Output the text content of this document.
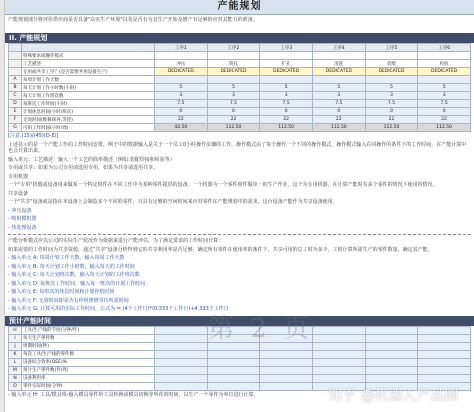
产能规划
产能规划部分将评价供应商是否具备"高实生产环境"以及是否有为其生产开始及增产有足够的应对其能力的准备。
II. 产能规划
		工序1	工序2	工序3	工序4	工序5	工序6
	特殊要求或操作模式						
	工艺描述	冲压	铣孔	扩孔	清洗	装配	检验
	专用或共享工序？(是否需要共用设备生产)	DEDICATED	DEDICATED	DEDICATED	DEDICATED	DEDICATED	DEDICATED
A	每周计划工作天数						
B	每天计划工作小时数(小时)	5	5	5	5	5	5
C	每天计划工作班次数	3	3	3	3	3	3
D	每班次工作时间(小时)	7.5	7.5	7.5	7.5	7.5	7.5
E	计划休息时间(小时/班次)	0	0	0	0	0	0
F	无效时间(维修保养,等待)	22	22	22	22	22	22
G	可用工作时间(小时/周)	42.50	112.50	112.50	112.50	112.50	112.50
[注意:(15)/(45)(D-E)]
上述显示的是一个产能工作的工作时间安排，例子中的数据输入是关于一个员工0小时操作步骤的工作，操作模式由了每个操作一个不同的操作模式。操作模式输入在同操作的条件下的工作时间，在产能计算中也会计算出来。
输入单元：工艺描述：输入一个工艺的简单描述（例如:装配焊接和检验等）
专用或共享：如果为公司专用请选用专用，如果为共享请选用共享。
专用机器
一个"专用"机器或设备用来做某一个特定组件在不同工作中为某种零件提供的设备。一个机器为一个零件组件做单一的生产作业。这个为专用机器，在计算产能时有多个零件的情况下使用的情况。
共享设备
一个"共享"设备或是指在本设备上会制造多个不同的零件，且具有足够的空闲时间来应对零件在产能规划中的需求，这台设备产能作为共享设备使用。
- 冲压设备
- 喷射模机器
- 热处理设备
产能分析模式应以公司的实际生产状况作为依据来进行产能评估，为了满足要求的工作时间计算：
如果需要的工作时间为共享资源，通过"共享"设备分析得到它的共享利用率是否足够，确定所有零件在使用率的条件下，共享可用的总工时为多少，工时计算所需生产的零件数量，确定其产能。
- 输入单元 A: 每周计划工作天数，输入每周工作天数
- 输入单元 B: 每天计划工作小时数，输入每天的工作时间
- 输入单元 C: 每天计划班次数，输入每天计划的工作班次数
- 输入单元 D: 每班次工作时间，输入每一班次的计划工作时间
- 输入单元 E: 每班次的休息时间和计划停机时间
- 输入单元 F: 无效时间即是否有停机维修等待所需时间
- 输入单元 G: 计算可用的实际工作时间，公式为 = (4个工作日)*(0.333个工作日)+4.333个工作日
预计产能时间
H	工具/生产线的节拍(分钟/件)						
I	每天生产零件数						
J	周期时间(秒)						
K	每次工具/生产线的零件数						
L	设备综合效率(OEE)%						
M	预计生产零件数(件/周)						
N	设备利用率						
O	零件实际时间(分钟)						
- 输入单元 H: 工具/模具线-输入模具零件的工具转换或模具切换等所花的时间，以生产一个零件为单位进行计算。
第 2 页
知乎 @机器人产品圈
